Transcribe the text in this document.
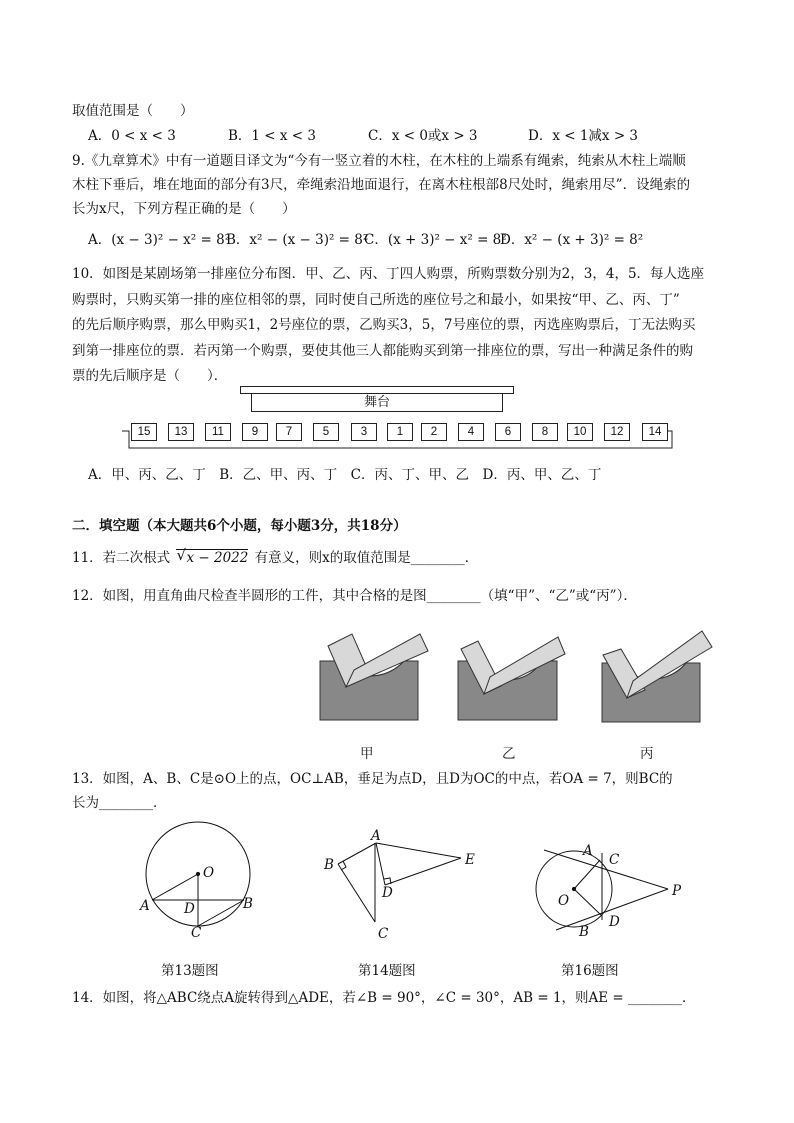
取值范围是（　　）
A．0 < x < 3	B．1 < x < 3	C．x < 0或x > 3	D．x < 1减x > 3
9.《九章算术》中有一道题目译文为“今有一竖立着的木柱，在木柱的上端系有绳索，纯索从木柱上端顺
木柱下垂后，堆在地面的部分有3尺，牵绳索沿地面退行，在离木柱根部8尺处时，绳索用尽”．设绳索的
长为x尺，下列方程正确的是（　　）
A．(x − 3)² − x² = 8²
B．x² − (x − 3)² = 8²
C．(x + 3)² − x² = 8²
D．x² − (x + 3)² = 8²
10．如图是某剧场第一排座位分布图．甲、乙、丙、丁四人购票，所购票数分别为2，3，4，5．每人选座
购票时，只购买第一排的座位相邻的票，同时使自己所选的座位号之和最小，如果按“甲、乙、丙、丁”
的先后顺序购票，那么甲购买1，2号座位的票，乙购买3，5，7号座位的票，丙选座购票后，丁无法购买
到第一排座位的票．若丙第一个购票，要使其他三人都能购买到第一排座位的票，写出一种满足条件的购
票的先后顺序是（　　）．
舞台
15	13	11	9	7	5	3	1	2	4	6	8	10	12	14
A．甲、丙、乙、丁　B．乙、甲、丙、丁　C．丙、丁、甲、乙　D．丙、甲、乙、丁
二．填空题（本大题共6个小题，每小题3分，共18分）
11．若二次根式 √ x − 2022 有意义，则x的取值范围是________．
12．如图，用直角曲尺检查半圆形的工件，其中合格的是图________（填“甲”、“乙”或“丙”）．
甲	乙	丙
13．如图，A、B、C是⊙O上的点，OC⊥AB，垂足为点D，且D为OC的中点，若OA = 7，则BC的
长为________．
O
A	D	B
C
A
B	E
D
C
A
C
O
P
D
B
第13题图	第14题图	第16题图
14．如图，将△ABC绕点A旋转得到△ADE，若∠B = 90°，∠C = 30°，AB = 1，则AE = ________．
